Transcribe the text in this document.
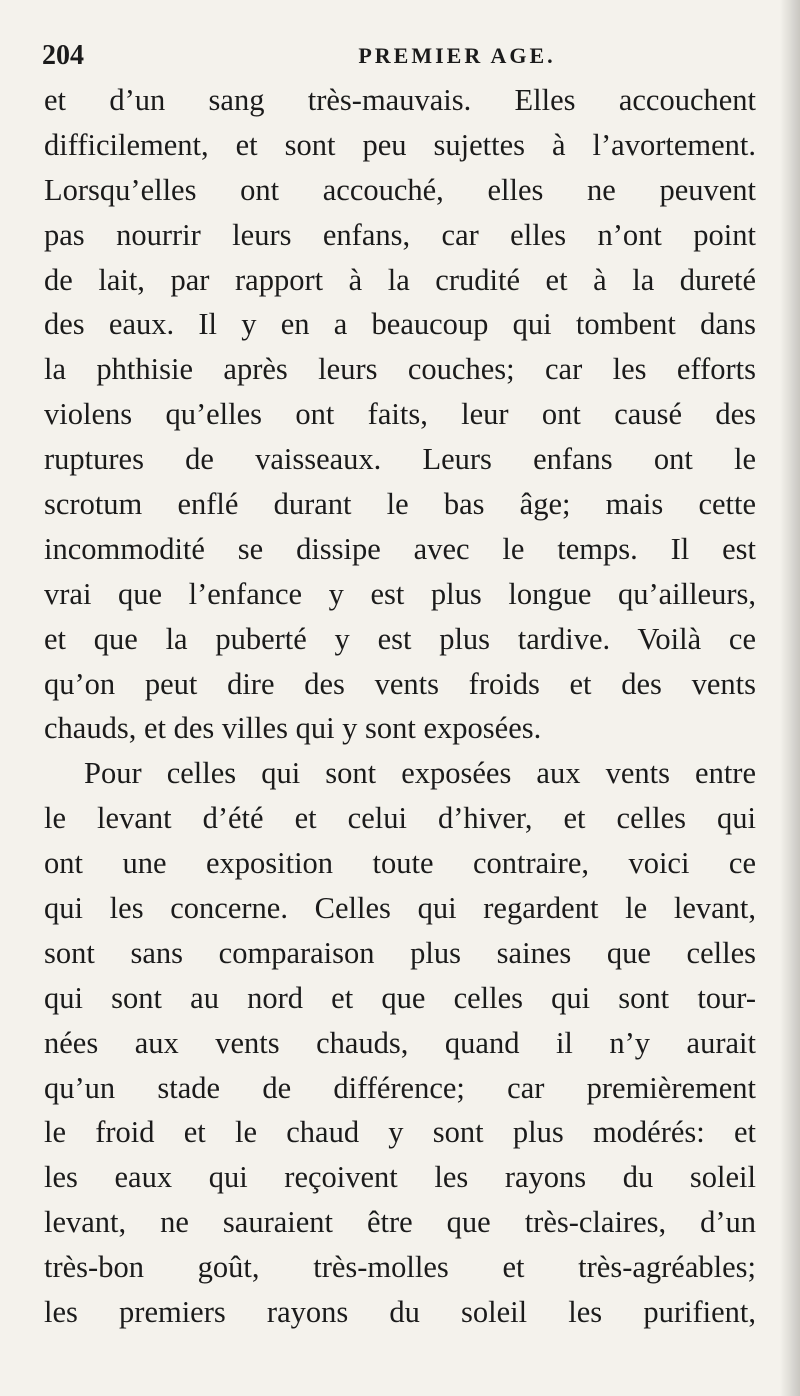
204	PREMIER AGE.
et d’un sang très-mauvais. Elles accouchent
difficilement, et sont peu sujettes à l’avortement.
Lorsqu’elles ont accouché, elles ne peuvent
pas nourrir leurs enfans, car elles n’ont point
de lait, par rapport à la crudité et à la dureté
des eaux. Il y en a beaucoup qui tombent dans
la phthisie après leurs couches; car les efforts
violens qu’elles ont faits, leur ont causé des
ruptures de vaisseaux. Leurs enfans ont le
scrotum enflé durant le bas âge; mais cette
incommodité se dissipe avec le temps. Il est
vrai que l’enfance y est plus longue qu’ailleurs,
et que la puberté y est plus tardive. Voilà ce
qu’on peut dire des vents froids et des vents
chauds, et des villes qui y sont exposées.
Pour celles qui sont exposées aux vents entre
le levant d’été et celui d’hiver, et celles qui
ont une exposition toute contraire, voici ce
qui les concerne. Celles qui regardent le levant,
sont sans comparaison plus saines que celles
qui sont au nord et que celles qui sont tour-
nées aux vents chauds, quand il n’y aurait
qu’un stade de différence; car premièrement
le froid et le chaud y sont plus modérés: et
les eaux qui reçoivent les rayons du soleil
levant, ne sauraient être que très-claires, d’un
très-bon goût, très-molles et très-agréables;
les premiers rayons du soleil les purifient,
